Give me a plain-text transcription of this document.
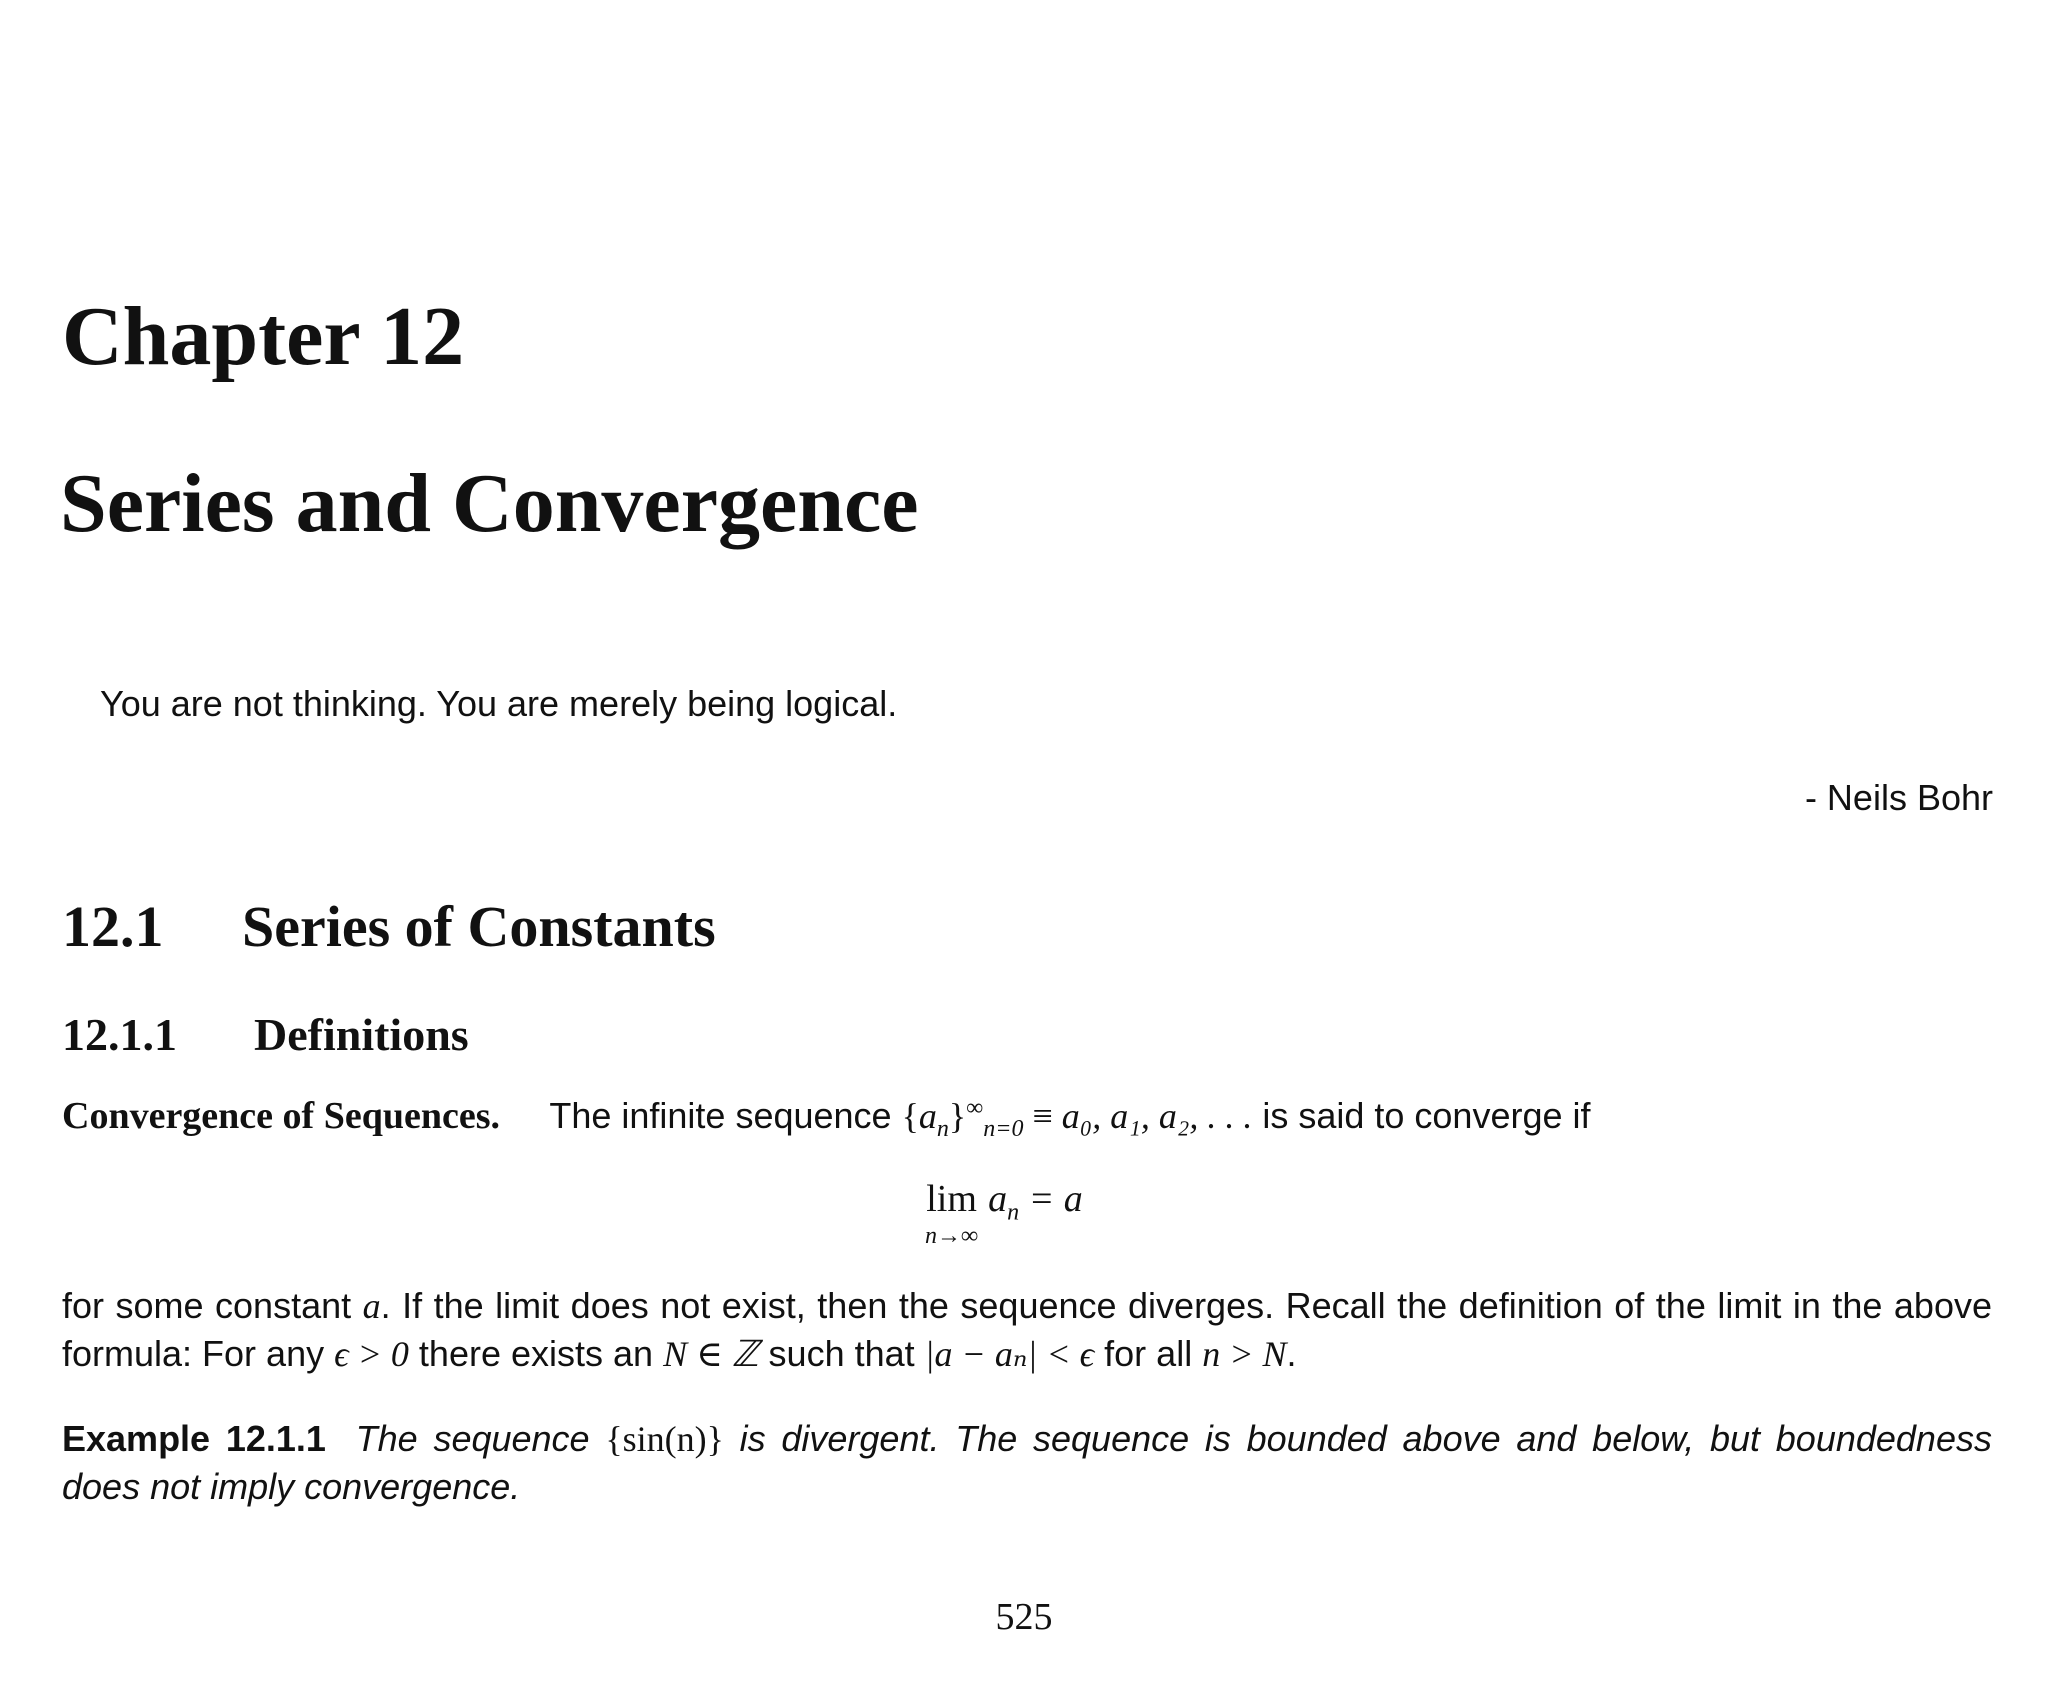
Chapter 12
Series and Convergence
You are not thinking. You are merely being logical.
- Neils Bohr
12.1 Series of Constants
12.1.1 Definitions
Convergence of Sequences. The infinite sequence $\{a_n\}^\infty_{n=0} \equiv a_0$, a₁, a₂, . . . is said to converge if
lim
n→∞
$a_n = a$
for some constant a. If the limit does not exist, then the sequence diverges. Recall the definition of the limit in the above formula: For any ϵ > 0 there exists an N ∈ ℤ such that |a − aₙ| < ϵ for all n > N.
Example 12.1.1 The sequence {sin(n)} is divergent. The sequence is bounded above and below, but boundedness does not imply convergence.
525
